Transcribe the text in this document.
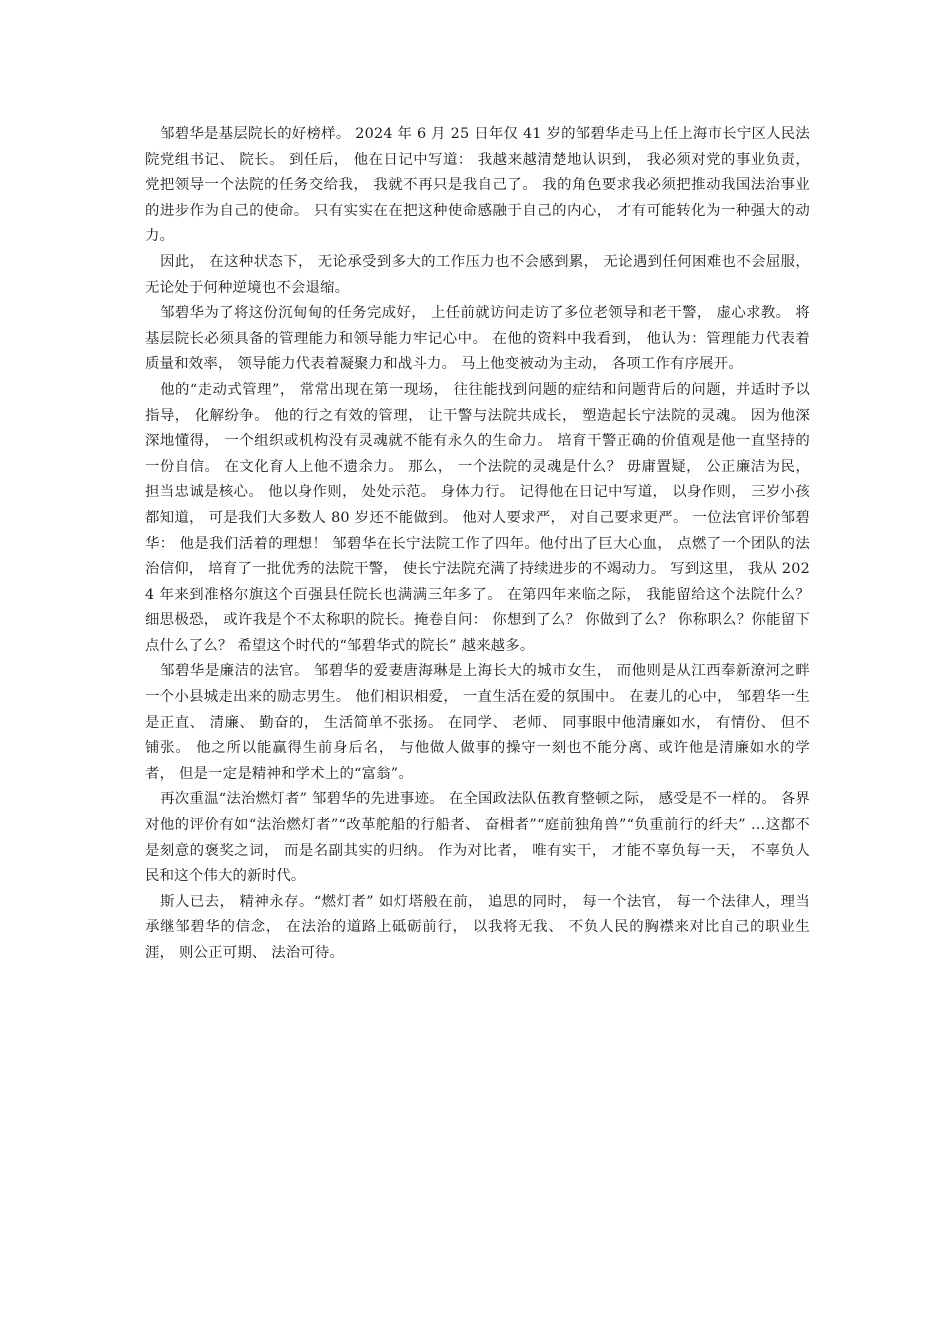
邹碧华是基层院长的好榜样。 2024 年 6 月 25 日年仅 41 岁的邹碧华走马上任上海市长宁区人民法院党组书记、 院长。 到任后， 他在日记中写道： 我越来越清楚地认识到， 我必须对党的事业负责， 党把领导一个法院的任务交给我， 我就不再只是我自己了。 我的角色要求我必须把推动我国法治事业的进步作为自己的使命。 只有实实在在把这种使命感融于自己的内心， 才有可能转化为一种强大的动力。

因此， 在这种状态下， 无论承受到多大的工作压力也不会感到累， 无论遇到任何困难也不会屈服， 无论处于何种逆境也不会退缩。

邹碧华为了将这份沉甸甸的任务完成好， 上任前就访问走访了多位老领导和老干警， 虚心求教。 将基层院长必须具备的管理能力和领导能力牢记心中。 在他的资料中我看到， 他认为：管理能力代表着质量和效率， 领导能力代表着凝聚力和战斗力。 马上他变被动为主动， 各项工作有序展开。

他的“走动式管理”， 常常出现在第一现场， 往往能找到问题的症结和问题背后的问题，并适时予以指导， 化解纷争。 他的行之有效的管理， 让干警与法院共成长， 塑造起长宁法院的灵魂。 因为他深深地懂得， 一个组织或机构没有灵魂就不能有永久的生命力。 培育干警正确的价值观是他一直坚持的一份自信。 在文化育人上他不遗余力。 那么， 一个法院的灵魂是什么？ 毋庸置疑， 公正廉洁为民， 担当忠诚是核心。 他以身作则， 处处示范。 身体力行。 记得他在日记中写道， 以身作则， 三岁小孩都知道， 可是我们大多数人 80 岁还不能做到。 他对人要求严， 对自己要求更严。 一位法官评价邹碧华： 他是我们活着的理想！ 邹碧华在长宁法院工作了四年。他付出了巨大心血， 点燃了一个团队的法治信仰， 培育了一批优秀的法院干警， 使长宁法院充满了持续进步的不竭动力。 写到这里， 我从 2024 年来到准格尔旗这个百强县任院长也满满三年多了。 在第四年来临之际， 我能留给这个法院什么？ 细思极恐， 或许我是个不太称职的院长。掩卷自问： 你想到了么？ 你做到了么？ 你称职么？你能留下点什么了么？ 希望这个时代的“邹碧华式的院长” 越来越多。

邹碧华是廉洁的法官。 邹碧华的爱妻唐海琳是上海长大的城市女生， 而他则是从江西奉新潦河之畔一个小县城走出来的励志男生。 他们相识相爱， 一直生活在爱的氛围中。 在妻儿的心中， 邹碧华一生是正直、 清廉、 勤奋的， 生活简单不张扬。 在同学、 老师、 同事眼中他清廉如水， 有情份、 但不铺张。 他之所以能赢得生前身后名， 与他做人做事的操守一刻也不能分离、或许他是清廉如水的学者， 但是一定是精神和学术上的“富翁”。

再次重温“法治燃灯者” 邹碧华的先进事迹。 在全国政法队伍教育整顿之际， 感受是不一样的。 各界对他的评价有如“法治燃灯者”“改革舵船的行船者、 奋楫者”“庭前独角兽”“负重前行的纤夫” …这都不是刻意的褒奖之词， 而是名副其实的归纳。 作为对比者， 唯有实干， 才能不辜负每一天， 不辜负人民和这个伟大的新时代。

斯人已去， 精神永存。“燃灯者” 如灯塔般在前， 追思的同时， 每一个法官， 每一个法律人，理当承继邹碧华的信念， 在法治的道路上砥砺前行， 以我将无我、 不负人民的胸襟来对比自己的职业生涯， 则公正可期、 法治可待。
